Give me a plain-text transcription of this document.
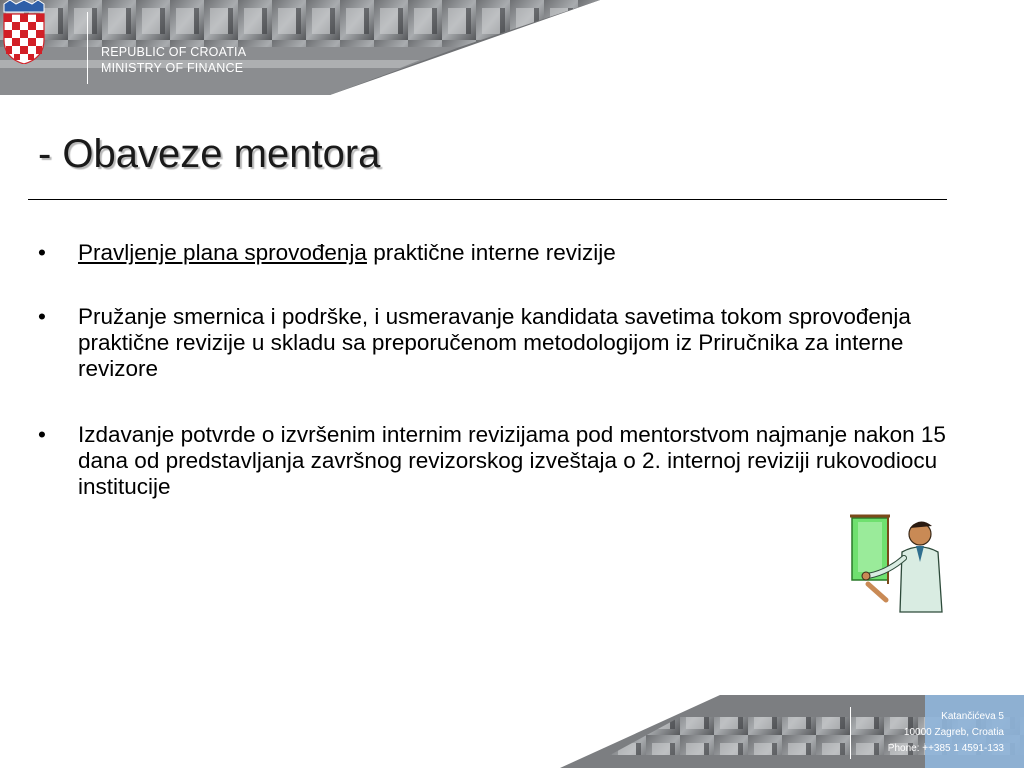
REPUBLIC OF CROATIA
MINISTRY OF FINANCE
- Obaveze mentora
• Pravljenje plana sprovođenja praktične interne revizije
• Pružanje smernica i podrške, i usmeravanje kandidata savetima tokom sprovođenja praktične revizije u skladu sa preporučenom metodologijom iz Priručnika za interne revizore
• Izdavanje potvrde o izvršenim internim revizijama pod mentorstvom najmanje nakon 15 dana od predstavljanja završnog revizorskog izveštaja o 2. internoj reviziji rukovodiocu institucije
Katančićeva 5
10000 Zagreb, Croatia
Phone: ++385 1 4591-133
